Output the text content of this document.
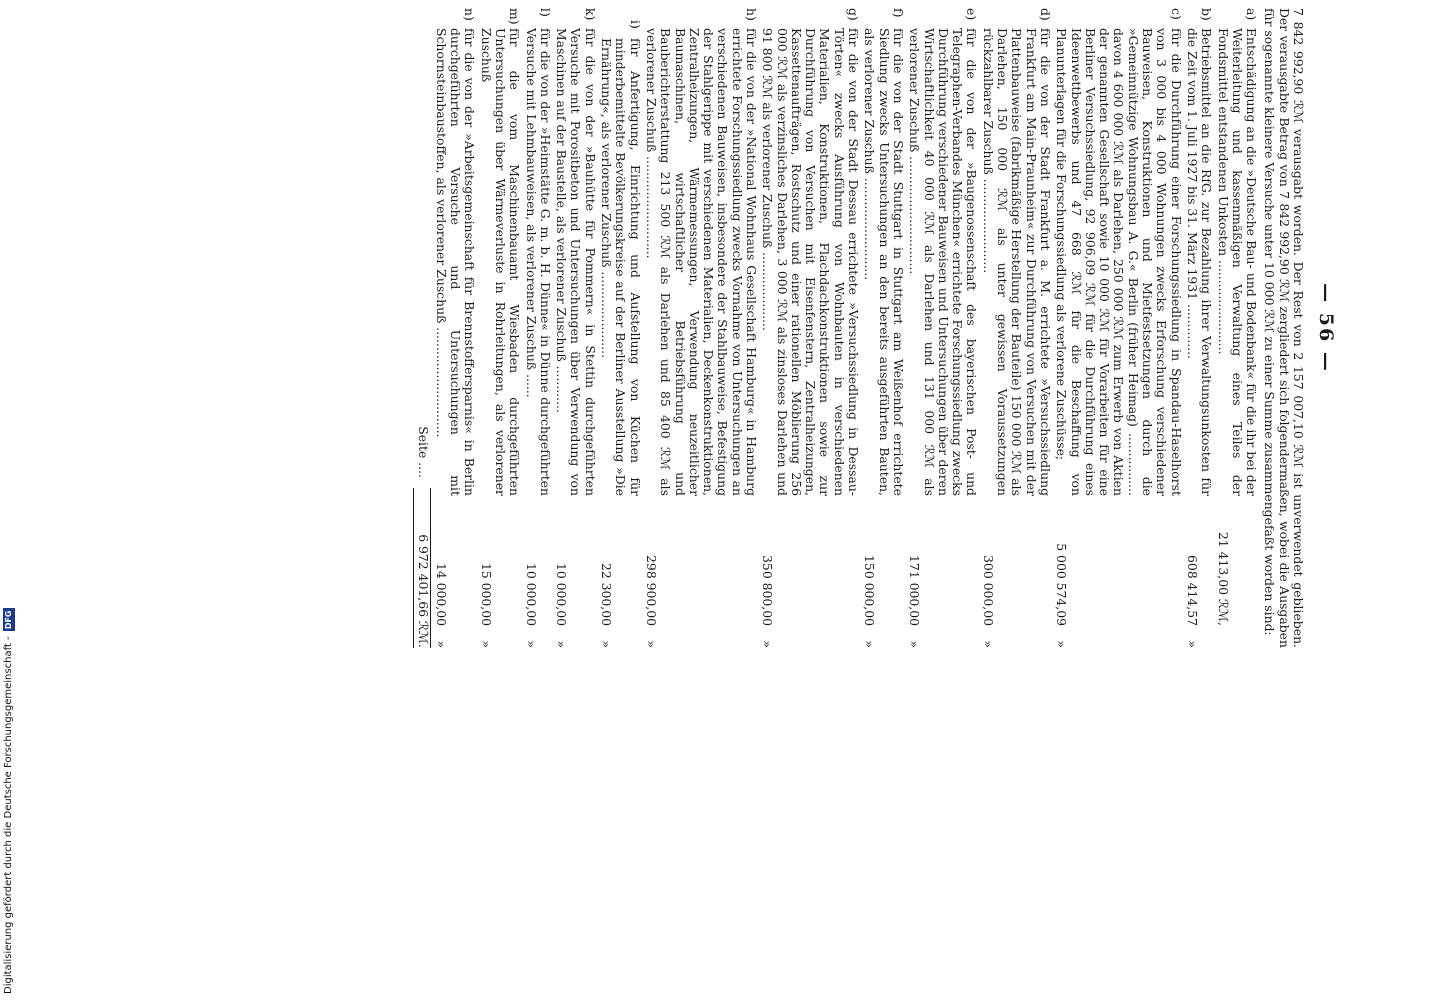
— 56 —
7 842 992,90 ℛℳ verausgabt worden. Der Rest von 2 157 007,10 ℛℳ ist unverwendet geblieben. Der verausgabte Betrag von 7 842 992,90 ℛℳ zergliedert sich folgendermaßen, wobei die Ausgaben für sogenannte kleinere Versuche unter 10 000 ℛℳ zu einer Summe zusammengefaßt worden sind:
a)
Entschädigung an die »Deutsche Bau- und Bodenbank« für die ihr bei der Weiterleitung und kassenmäßigen Verwaltung eines Teiles der Fondsmittel entstandenen Unkosten ........................
21 413,00 ℛℳ,
b)
Betriebsmittel an die RfG. zur Bezahlung ihrer Verwaltungsunkosten für die Zeit vom 1. Juli 1927 bis 31. März 1931 ..............
608 414,57
»
c)
für die Durchführung einer Forschungssiedlung in Spandau-Haselhorst von 3 000 bis 4 000 Wohnungen zwecks Erforschung verschiedener Bauweisen, Konstruktionen und Mietfestsetzungen durch die »Gemeinnützige Wohnungsbau A. G.« Berlin (früher Heimag) ................ davon 4 600 000 ℛℳ als Darlehen, 250 000 ℛℳ zum Erwerb von Aktien der genannten Gesellschaft sowie 10 000 ℛℳ für Vorarbeiten für eine Berliner Versuchssiedlung, 92 906,09 ℛℳ für die Durchführung eines Ideenwettbewerbs und 47 668 ℛℳ für die Beschaffung von Planunterlagen für die Forschungssiedlung als verlorene Zuschüsse;
5 000 574,09
»
d)
für die von der Stadt Frankfurt a. M. errichtete »Versuchssiedlung Frankfurt am Main-Praunheim« zur Durchführung von Versuchen mit der Plattenbauweise (fabrikmäßige Herstellung der Bauteile) 150 000 ℛℳ als Darlehen, 150 000 ℛℳ als unter gewissen Voraussetzungen rückzahlbarer Zuschuß ........................
300 000,00
»
e)
für die von der »Baugenossenschaft des bayerischen Post- und Telegraphen-Verbandes München« errichtete Forschungssiedlung zwecks Durchführung verschiedener Bauweisen und Untersuchungen über deren Wirtschaftlichkeit 40 000 ℛℳ als Darlehen und 131 000 ℛℳ als verlorener Zuschuß ..............................
171 000,00
»
f)
für die von der Stadt Stuttgart in Stuttgart am Weißenhof errichtete Siedlung zwecks Untersuchungen an den bereits ausgeführten Bauten, als verlorener Zuschuß ..........................
150 000,00
»
g)
für die von der Stadt Dessau errichtete »Versuchssiedlung in Dessau-Törten« zwecks Ausführung von Wohnbauten in verschiedenen Materialien, Konstruktionen, Flachdachkonstruktionen sowie zur Durchführung von Versuchen mit Eisenfenstern, Zentralheizungen, Kassettenaufträgen, Rostschutz und einer rationellen Möblierung 256 000 ℛℳ als verzinsliches Darlehen, 3 000 ℛℳ als zinsloses Darlehen und 91 800 ℛℳ als verlorener Zuschuß ....................
350 800,00
»
h)
für die von der »National Wohnhaus Gesellschaft Hamburg« in Hamburg errichtete Forschungssiedlung zwecks Vornahme von Untersuchungen an verschiedenen Bauweisen, insbesondere der Stahlbauweise, Befestigung der Stahlgerippe mit verschiedenen Materialien, Deckenkonstruktionen, Zentralheizungen, Wärmemessungen, Verwendung neuzeitlicher Baumaschinen, wirtschaftlicher Betriebsführung und Bauberichterstattung 213 500 ℛℳ als Darlehen und 85 400 ℛℳ als verlorener Zuschuß ..........................
298 900,00
»
i)
für Anfertigung, Einrichtung und Aufstellung von Küchen für minderbemittelte Bevölkerungskreise auf der Berliner Ausstellung »Die Ernährung«, als verlorener Zuschuß ......................
22 300,00
»
k)
für die von der »Bauhütte für Pommern« in Stettin durchgeführten Versuche mit Porositbeton und Untersuchungen über Verwendung von Maschinen auf der Baustelle, als verlorener Zuschuß ............
10 000,00
»
l)
für die von der »Heimstätte G. m. b. H. Dünne« in Dünne durchgeführten Versuche mit Lehmbauweisen, als verlorener Zuschuß ......
10 000,00
»
m)
für die vom Maschinenbauamt Wiesbaden durchgeführten Untersuchungen über Wärmeverluste in Rohrleitungen, als verlorener Zuschuß
15 000,00
»
n)
für die von der »Arbeitsgemeinschaft für Brennstoffersparnis« in Berlin durchgeführten Versuche und Untersuchungen mit Schornsteinbaustoffen, als verlorener Zuschuß ............................
14 000,00
»
Seite ....
6 972 401,66 ℛℳ.
Digitalisierung gefördert durch die Deutsche Forschungsgemeinschaft - DFG
